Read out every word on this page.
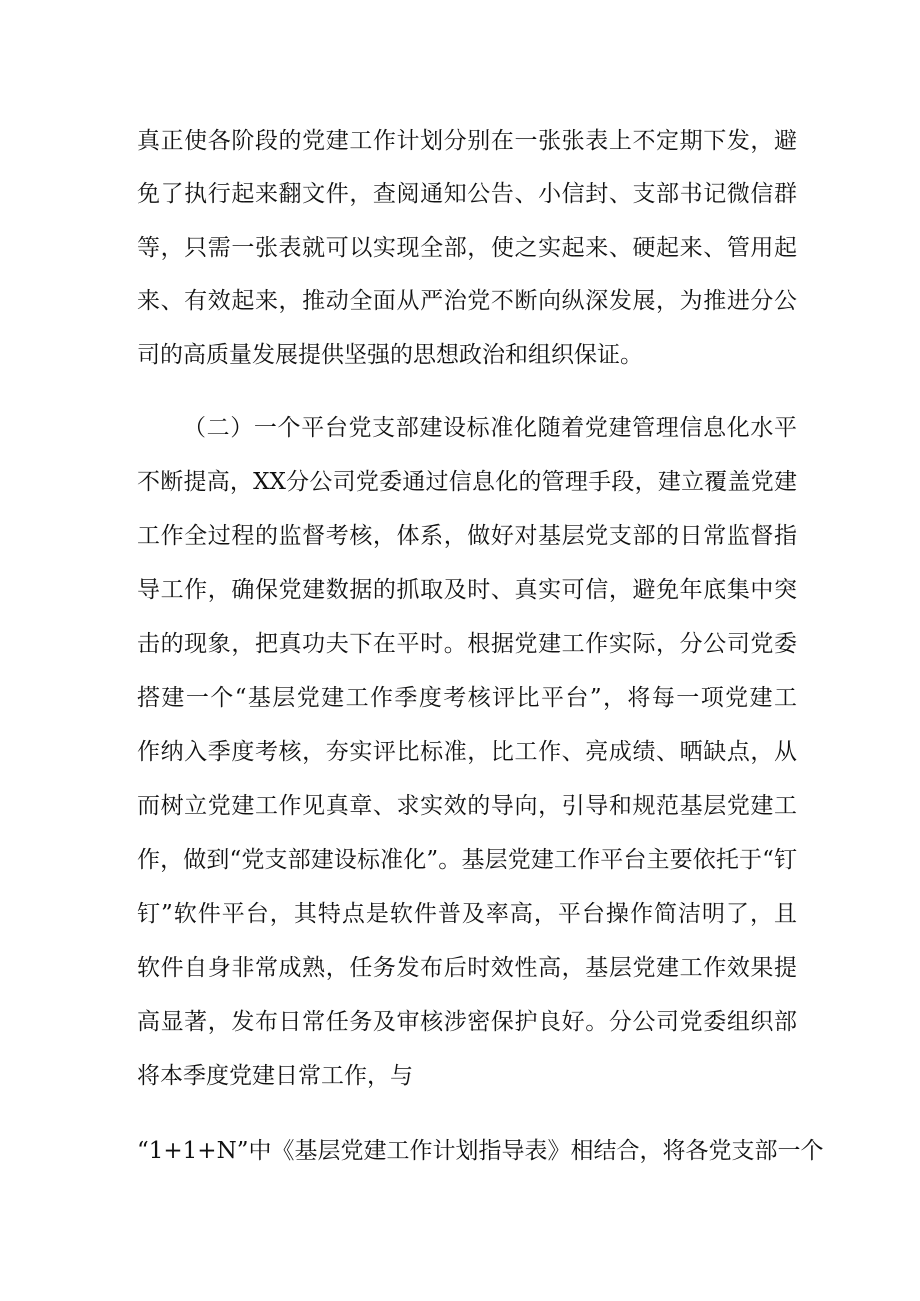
真正使各阶段的党建工作计划分别在一张张表上不定期下发，避
免了执行起来翻文件，查阅通知公告、小信封、支部书记微信群
等，只需一张表就可以实现全部，使之实起来、硬起来、管用起
来、有效起来，推动全面从严治党不断向纵深发展，为推进分公
司的高质量发展提供坚强的思想政治和组织保证。
（二）一个平台党支部建设标准化随着党建管理信息化水平
不断提高，XX分公司党委通过信息化的管理手段，建立覆盖党建
工作全过程的监督考核，体系，做好对基层党支部的日常监督指
导工作，确保党建数据的抓取及时、真实可信，避免年底集中突
击的现象，把真功夫下在平时。根据党建工作实际，分公司党委
搭建一个“基层党建工作季度考核评比平台”，将每一项党建工
作纳入季度考核，夯实评比标准，比工作、亮成绩、晒缺点，从
而树立党建工作见真章、求实效的导向，引导和规范基层党建工
作，做到“党支部建设标准化”。基层党建工作平台主要依托于“钉
钉”软件平台，其特点是软件普及率高，平台操作简洁明了，且
软件自身非常成熟，任务发布后时效性高，基层党建工作效果提
高显著，发布日常任务及审核涉密保护良好。分公司党委组织部
将本季度党建日常工作，与
“1+1+N”中《基层党建工作计划指导表》相结合，将各党支部一个
